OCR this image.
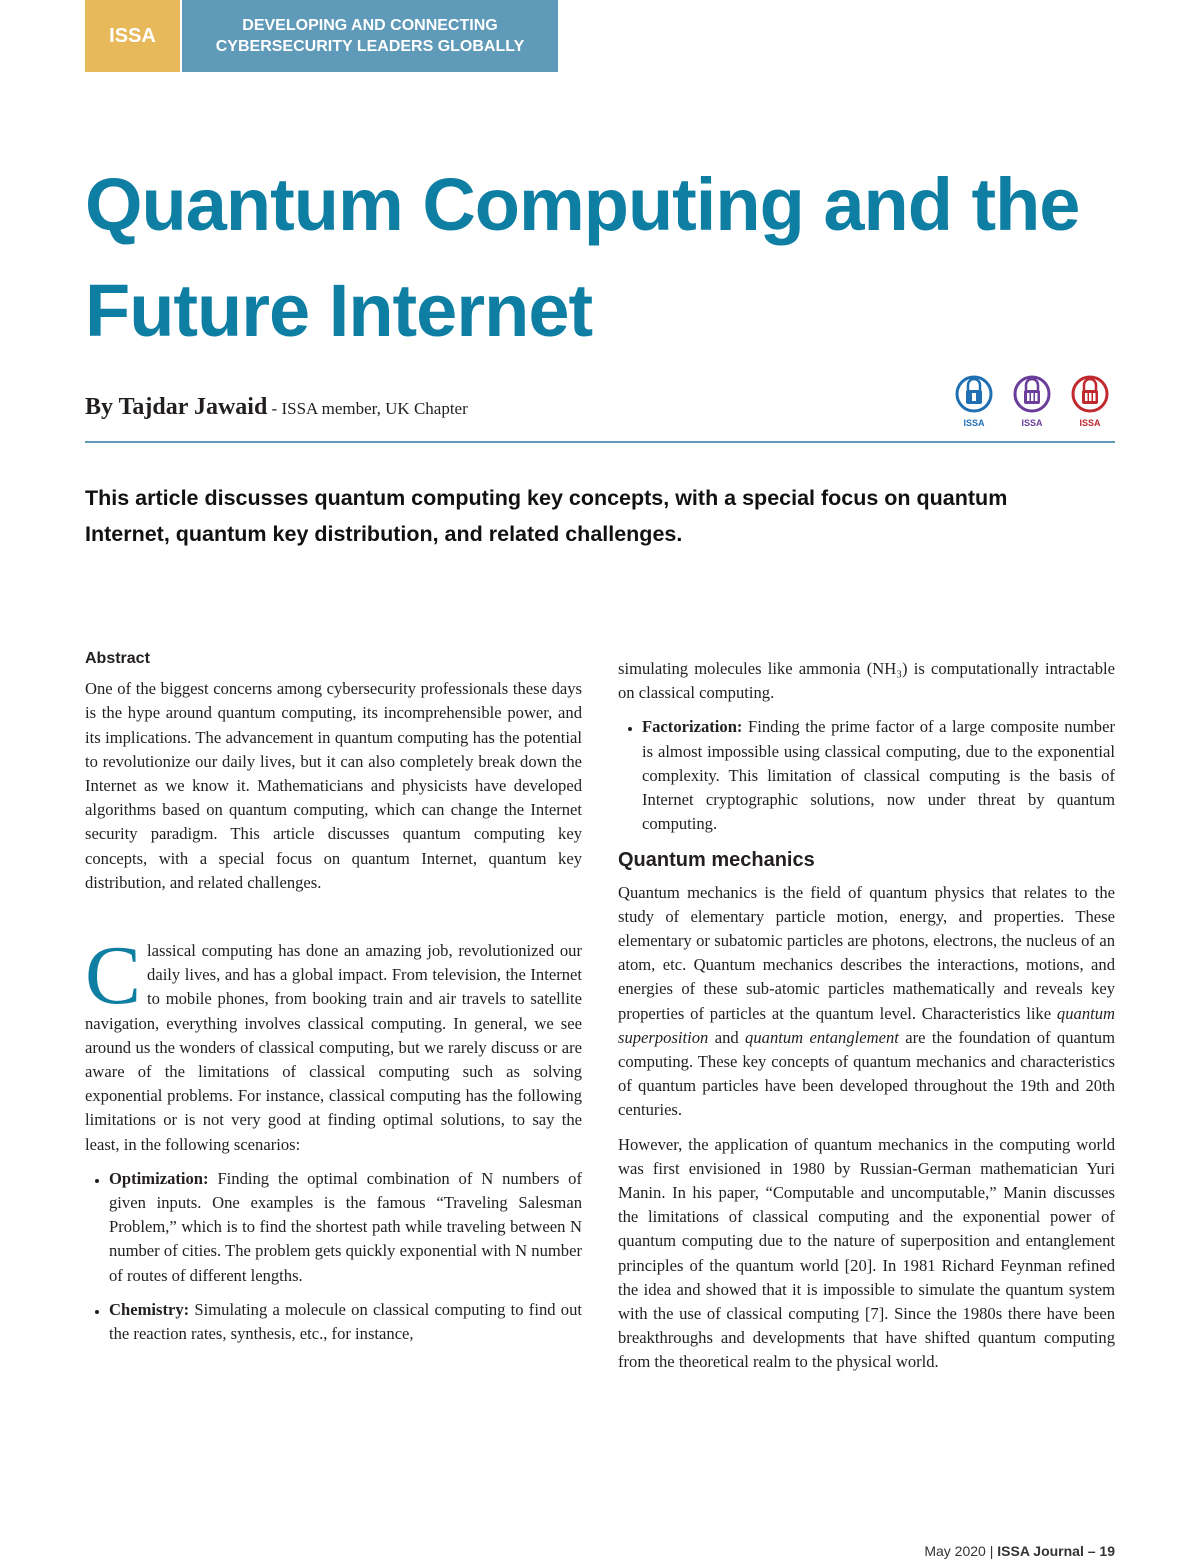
ISSA	DEVELOPING AND CONNECTING
CYBERSECURITY LEADERS GLOBALLY
Quantum Computing and the Future Internet
By Tajdar Jawaid - ISSA member, UK Chapter
ISSA	ISSA	ISSA

This article discusses quantum computing key concepts, with a special focus on quantum Internet, quantum key distribution, and related challenges.

Abstract

One of the biggest concerns among cybersecurity professionals these days is the hype around quantum computing, its incomprehensible power, and its implications. The advancement in quantum computing has the potential to revolutionize our daily lives, but it can also completely break down the Internet as we know it. Mathematicians and physicists have developed algorithms based on quantum computing, which can change the Internet security paradigm. This article discusses quantum computing key concepts, with a special focus on quantum Internet, quantum key distribution, and related challenges.

Classical computing has done an amazing job, revolutionized our daily lives, and has a global impact. From television, the Internet to mobile phones, from booking train and air travels to satellite navigation, everything involves classical computing. In general, we see around us the wonders of classical computing, but we rarely discuss or are aware of the limitations of classical computing such as solving exponential problems. For instance, classical computing has the following limitations or is not very good at finding optimal solutions, to say the least, in the following scenarios:

• Optimization: Finding the optimal combination of N numbers of given inputs. One examples is the famous “Traveling Salesman Problem,” which is to find the shortest path while traveling between N number of cities. The problem gets quickly exponential with N number of routes of different lengths.
• Chemistry: Simulating a molecule on classical computing to find out the reaction rates, synthesis, etc., for instance,

simulating molecules like ammonia (NH₃) is computationally intractable on classical computing.

• Factorization: Finding the prime factor of a large composite number is almost impossible using classical computing, due to the exponential complexity. This limitation of classical computing is the basis of Internet cryptographic solutions, now under threat by quantum computing.
Quantum mechanics

Quantum mechanics is the field of quantum physics that relates to the study of elementary particle motion, energy, and properties. These elementary or subatomic particles are photons, electrons, the nucleus of an atom, etc. Quantum mechanics describes the interactions, motions, and energies of these sub-atomic particles mathematically and reveals key properties of particles at the quantum level. Characteristics like quantum superposition and quantum entanglement are the foundation of quantum computing. These key concepts of quantum mechanics and characteristics of quantum particles have been developed throughout the 19th and 20th centuries.

However, the application of quantum mechanics in the computing world was first envisioned in 1980 by Russian-German mathematician Yuri Manin. In his paper, “Computable and uncomputable,” Manin discusses the limitations of classical computing and the exponential power of quantum computing due to the nature of superposition and entanglement principles of the quantum world [20]. In 1981 Richard Feynman refined the idea and showed that it is impossible to simulate the quantum system with the use of classical computing [7]. Since the 1980s there have been breakthroughs and developments that have shifted quantum computing from the theoretical realm to the physical world.

May 2020 | ISSA Journal – 19
